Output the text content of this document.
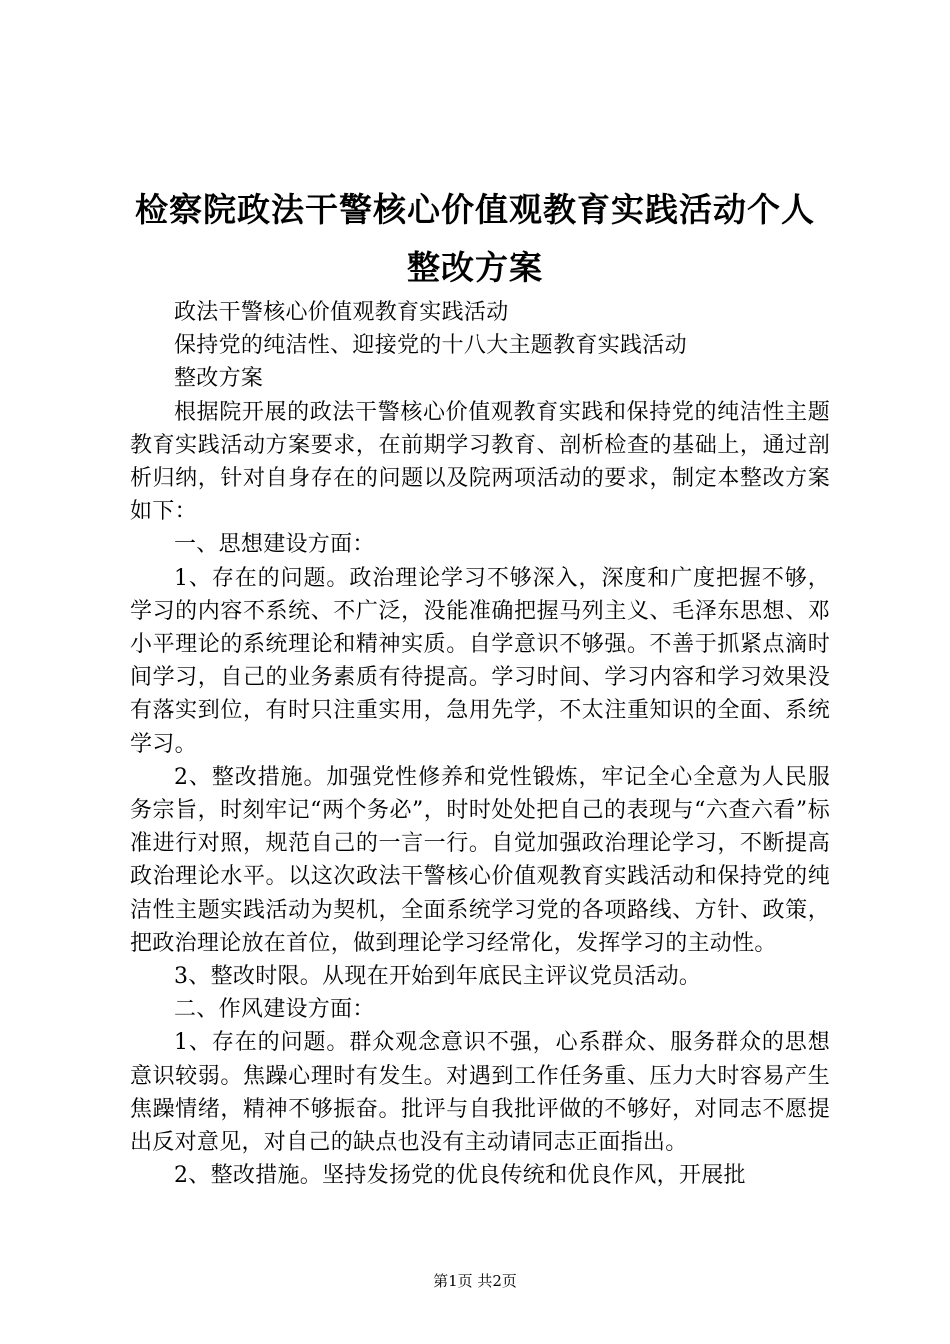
检察院政法干警核心价值观教育实践活动个人
整改方案

政法干警核心价值观教育实践活动

保持党的纯洁性、迎接党的十八大主题教育实践活动

整改方案

根据院开展的政法干警核心价值观教育实践和保持党的纯洁性主题教育实践活动方案要求，在前期学习教育、剖析检查的基础上，通过剖析归纳，针对自身存在的问题以及院两项活动的要求，制定本整改方案如下：

一、思想建设方面：

1、存在的问题。政治理论学习不够深入，深度和广度把握不够，学习的内容不系统、不广泛，没能准确把握马列主义、毛泽东思想、邓小平理论的系统理论和精神实质。自学意识不够强。不善于抓紧点滴时间学习，自己的业务素质有待提高。学习时间、学习内容和学习效果没有落实到位，有时只注重实用，急用先学，不太注重知识的全面、系统学习。

2、整改措施。加强党性修养和党性锻炼，牢记全心全意为人民服务宗旨，时刻牢记“两个务必”，时时处处把自己的表现与“六查六看”标准进行对照，规范自己的一言一行。自觉加强政治理论学习，不断提高政治理论水平。以这次政法干警核心价值观教育实践活动和保持党的纯洁性主题实践活动为契机，全面系统学习党的各项路线、方针、政策，把政治理论放在首位，做到理论学习经常化，发挥学习的主动性。

3、整改时限。从现在开始到年底民主评议党员活动。

二、作风建设方面：

1、存在的问题。群众观念意识不强，心系群众、服务群众的思想意识较弱。焦躁心理时有发生。对遇到工作任务重、压力大时容易产生焦躁情绪，精神不够振奋。批评与自我批评做的不够好，对同志不愿提出反对意见，对自己的缺点也没有主动请同志正面指出。

2、整改措施。坚持发扬党的优良传统和优良作风，开展批

第1页 共2页
